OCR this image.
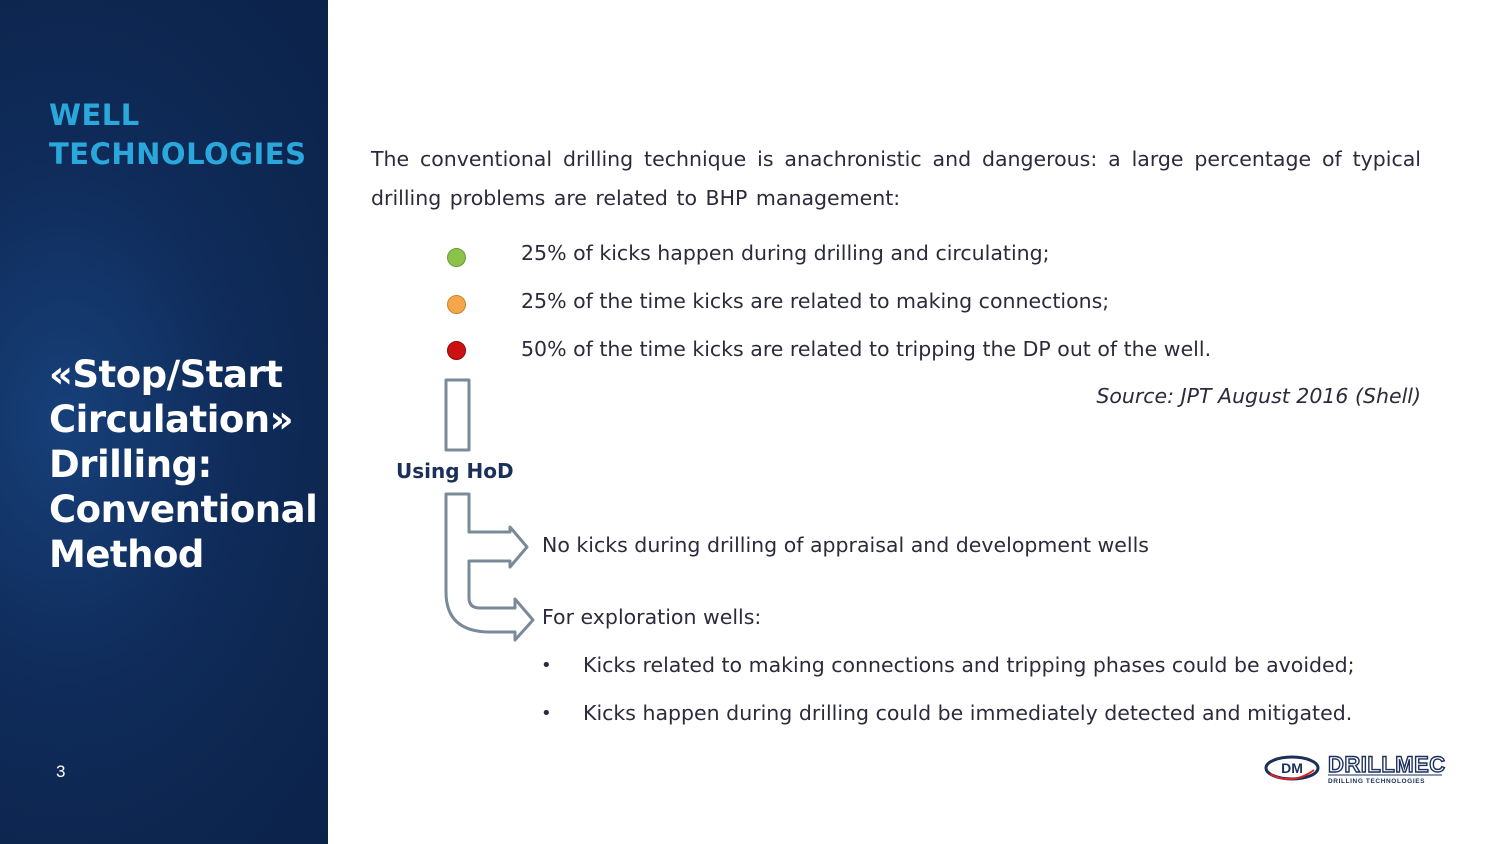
WELL
TECHNOLOGIES
«Stop/Start
Circulation»
Drilling:
Conventional
Method
3
The conventional drilling technique is anachronistic and dangerous: a large percentage of typical drilling problems are related to BHP management:
25% of kicks happen during drilling and circulating;
25% of the time kicks are related to making connections;
50% of the time kicks are related to tripping the DP out of the well.
Source: JPT August 2016 (Shell)
Using HoD
No kicks during drilling of appraisal and development wells
For exploration wells:
• Kicks related to making connections and tripping phases could be avoided;
• Kicks happen during drilling could be immediately detected and mitigated.
DM DRILLMEC
DRILLING TECHNOLOGIES
